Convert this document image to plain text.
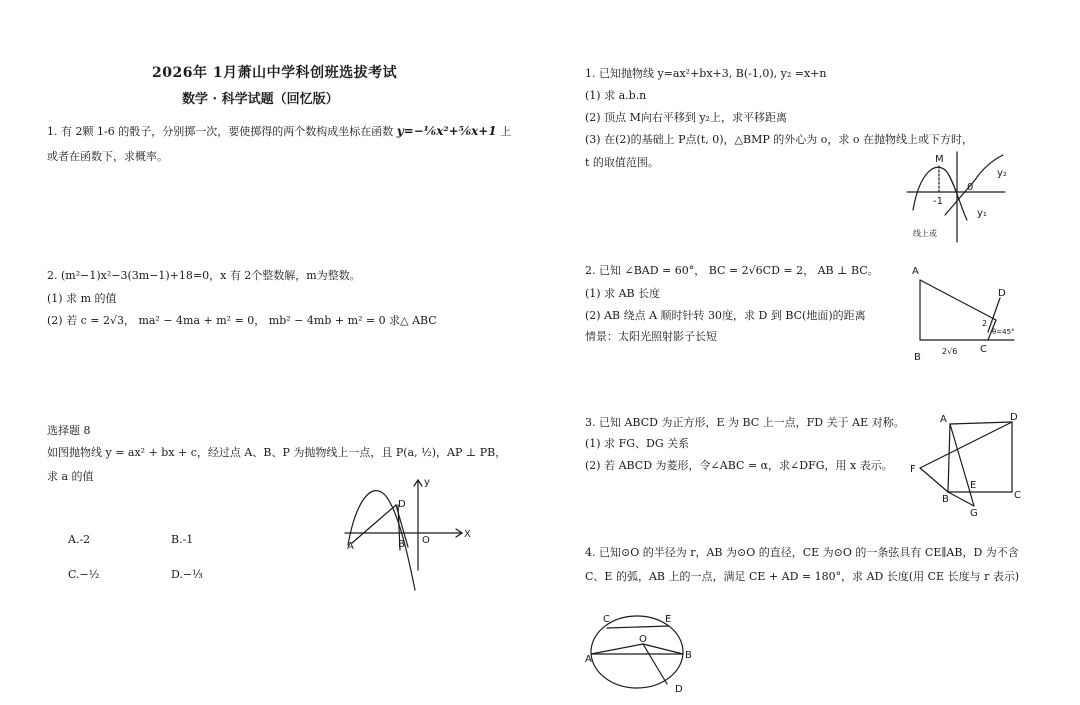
2026年 1月萧山中学科创班选拔考试
数学 · 科学试题（回忆版）
1. 有 2颗 1-6 的骰子，分别掷一次，要使掷得的两个数构成坐标在函数 y=−⅙x²+⅚x+1 上
或者在函数下，求概率。
2. (m²−1)x²−3(3m−1)+18=0，x 有 2个整数解，m为整数。
(1) 求 m 的值
(2) 若 c = 2√3， ma² − 4ma + m² = 0， mb² − 4mb + m² = 0 求△ ABC
选择题 8
如图抛物线 y = ax² + bx + c，经过点 A、B、P 为抛物线上一点，且 P(a, ½)，AP ⊥ PB，
求 a 的值
A.-2	B.-1
C.−½	D.−⅓
A	B
D
O
X
y
1. 已知抛物线 y=ax²+bx+3, B(-1,0), y₂ =x+n
(1) 求 a.b.n
(2) 顶点 M向右平移到 y₂上，求平移距离
(3) 在(2)的基础上 P点(t, 0)，△BMP 的外心为 o，求 o 在抛物线上或下方时，
t 的取值范围。	M
y₂
-1
0
y₁
线上或
2. 已知 ∠BAD = 60°， BC = 2√6CD = 2， AB ⊥ BC。
(1) 求 AB 长度
(2) AB 绕点 A 顺时针转 30度，求 D 到 BC(地面)的距离
情景：太阳光照射影子长短
A
B
2√6 C
D
2
θ=45°
3. 已知 ABCD 为正方形，E 为 BC 上一点，FD 关于 AE 对称。
(1) 求 FG、DG 关系
(2) 若 ABCD 为菱形，令∠ABC = α，求∠DFG，用 x 表示。
A	D
F
B
E
C
G
4. 已知⊙O 的半径为 r，AB 为⊙O 的直径，CE 为⊙O 的一条弦具有 CE∥AB，D 为不含
C、E 的弧，AB 上的一点，满足 CE + AD = 180°，求 AD 长度(用 CE 长度与 r 表示)
C	E
O
A	B
D
